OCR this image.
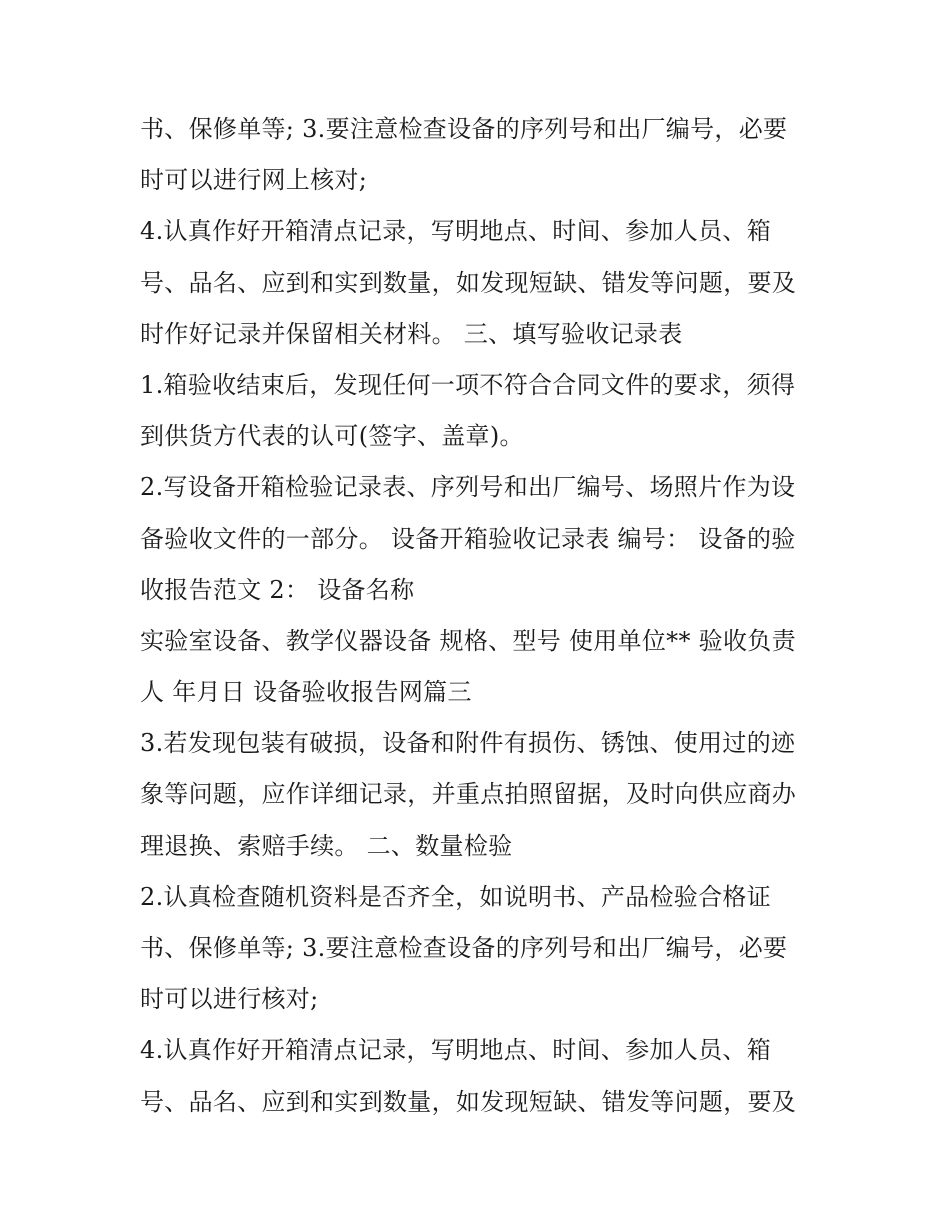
书、保修单等; 3.要注意检查设备的序列号和出厂编号，必要
时可以进行网上核对;
4.认真作好开箱清点记录，写明地点、时间、参加人员、箱
号、品名、应到和实到数量，如发现短缺、错发等问题，要及
时作好记录并保留相关材料。 三、填写验收记录表
1.箱验收结束后，发现任何一项不符合合同文件的要求，须得
到供货方代表的认可(签字、盖章)。
2.写设备开箱检验记录表、序列号和出厂编号、场照片作为设
备验收文件的一部分。 设备开箱验收记录表 编号： 设备的验
收报告范文 2： 设备名称
实验室设备、教学仪器设备 规格、型号 使用单位** 验收负责
人 年月日 设备验收报告网篇三
3.若发现包装有破损，设备和附件有损伤、锈蚀、使用过的迹
象等问题，应作详细记录，并重点拍照留据，及时向供应商办
理退换、索赔手续。 二、数量检验
2.认真检查随机资料是否齐全，如说明书、产品检验合格证
书、保修单等; 3.要注意检查设备的序列号和出厂编号，必要
时可以进行核对;
4.认真作好开箱清点记录，写明地点、时间、参加人员、箱
号、品名、应到和实到数量，如发现短缺、错发等问题，要及
